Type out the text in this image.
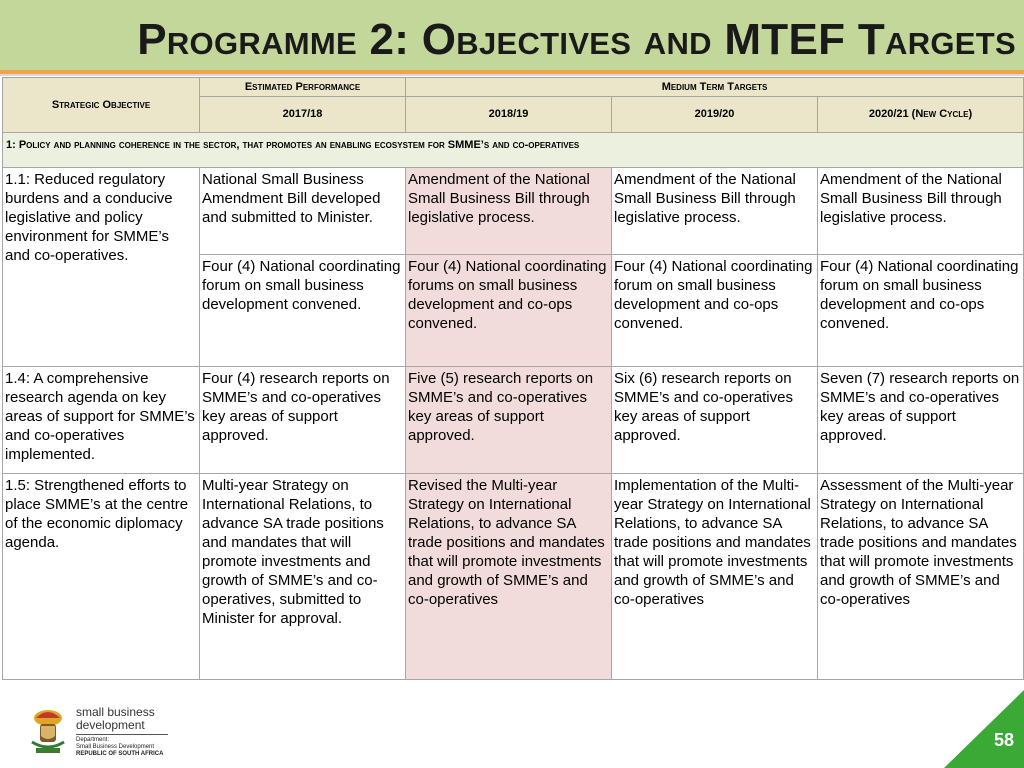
Programme 2: Objectives and MTEF Targets
Strategic Objective	Estimated Performance	Medium Term Targets		
	2017/18	2018/19	2019/20	2020/21 (New Cycle)
1: Policy and planning coherence in the sector, that promotes an enabling ecosystem for SMME’s and co-operatives				
1.1: Reduced regulatory burdens and a conducive legislative and policy environment for SMME’s and co-operatives.	National Small Business Amendment Bill developed and submitted to Minister.	Amendment of the National Small Business Bill through legislative process.	Amendment of the National Small Business Bill through legislative process.	Amendment of the National Small Business Bill through legislative process.
	Four (4) National coordinating forum on small business development convened.	Four (4) National coordinating forums on small business development and co-ops convened.	Four (4) National coordinating forum on small business development and co-ops convened.	Four (4) National coordinating forum on small business development and co-ops convened.
1.4: A comprehensive research agenda on key areas of support for SMME’s and co-operatives implemented.	Four (4) research reports on SMME’s and co-operatives key areas of support approved.	Five (5) research reports on SMME’s and co-operatives key areas of support approved.	Six (6) research reports on SMME’s and co-operatives key areas of support approved.	Seven (7) research reports on SMME’s and co-operatives key areas of support approved.
1.5: Strengthened efforts to place SMME’s at the centre of the economic diplomacy agenda.	Multi-year Strategy on International Relations, to advance SA trade positions and mandates that will promote investments and growth of SMME’s and co-operatives, submitted to Minister for approval.	Revised the Multi-year Strategy on International Relations, to advance SA trade positions and mandates that will promote investments and growth of SMME’s and co-operatives	Implementation of the Multi-year Strategy on International Relations, to advance SA trade positions and mandates that will promote investments and growth of SMME’s and co-operatives	Assessment of the Multi-year Strategy on International Relations, to advance SA trade positions and mandates that will promote investments and growth of SMME’s and co-operatives
small business
development
Department:
Small Business Development
REPUBLIC OF SOUTH AFRICA
58
